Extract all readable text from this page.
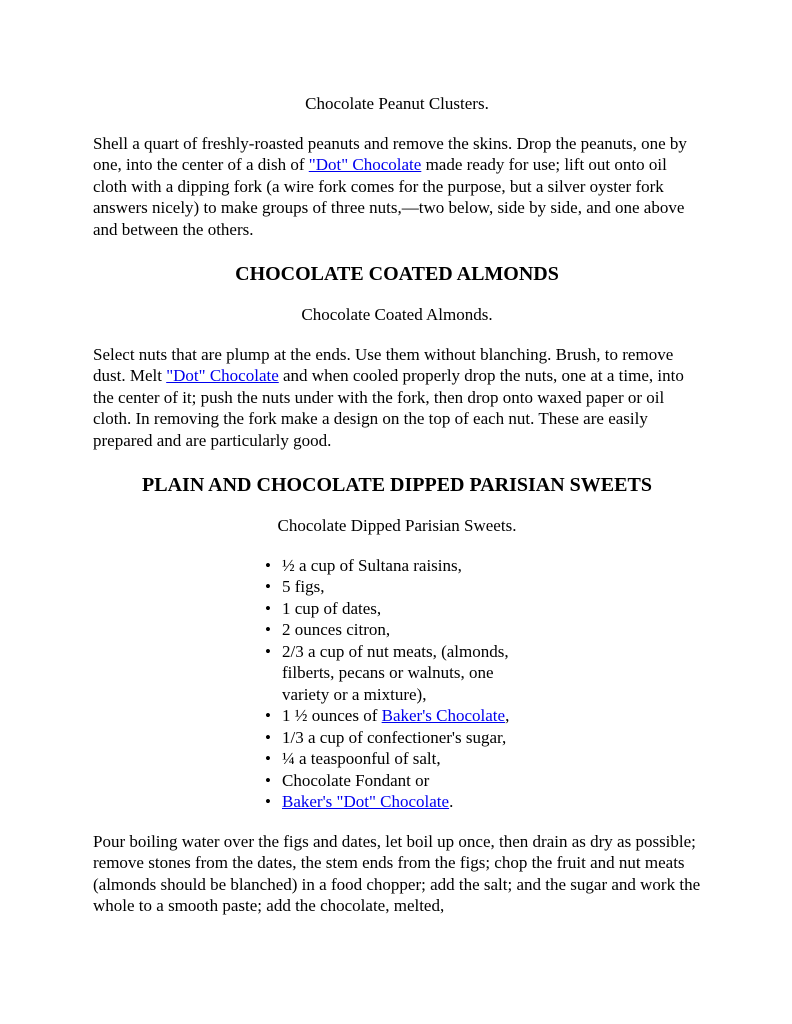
Chocolate Peanut Clusters.

Shell a quart of freshly-roasted peanuts and remove the skins. Drop the peanuts, one by one, into the center of a dish of "Dot" Chocolate made ready for use; lift out onto oil cloth with a dipping fork (a wire fork comes for the purpose, but a silver oyster fork answers nicely) to make groups of three nuts,—two below, side by side, and one above and between the others.

CHOCOLATE COATED ALMONDS

Chocolate Coated Almonds.

Select nuts that are plump at the ends. Use them without blanching. Brush, to remove dust. Melt "Dot" Chocolate and when cooled properly drop the nuts, one at a time, into the center of it; push the nuts under with the fork, then drop onto waxed paper or oil cloth. In removing the fork make a design on the top of each nut. These are easily prepared and are particularly good.

PLAIN AND CHOCOLATE DIPPED PARISIAN SWEETS

Chocolate Dipped Parisian Sweets.

• ½ a cup of Sultana raisins,
• 5 figs,
• 1 cup of dates,
• 2 ounces citron,
• 2/3 a cup of nut meats, (almonds, filberts, pecans or walnuts, one variety or a mixture),
• 1 ½ ounces of Baker's Chocolate,
• 1/3 a cup of confectioner's sugar,
• ¼ a teaspoonful of salt,
• Chocolate Fondant or
• Baker's "Dot" Chocolate.

Pour boiling water over the figs and dates, let boil up once, then drain as dry as possible; remove stones from the dates, the stem ends from the figs; chop the fruit and nut meats (almonds should be blanched) in a food chopper; add the salt; and the sugar and work the whole to a smooth paste; add the chocolate, melted,
